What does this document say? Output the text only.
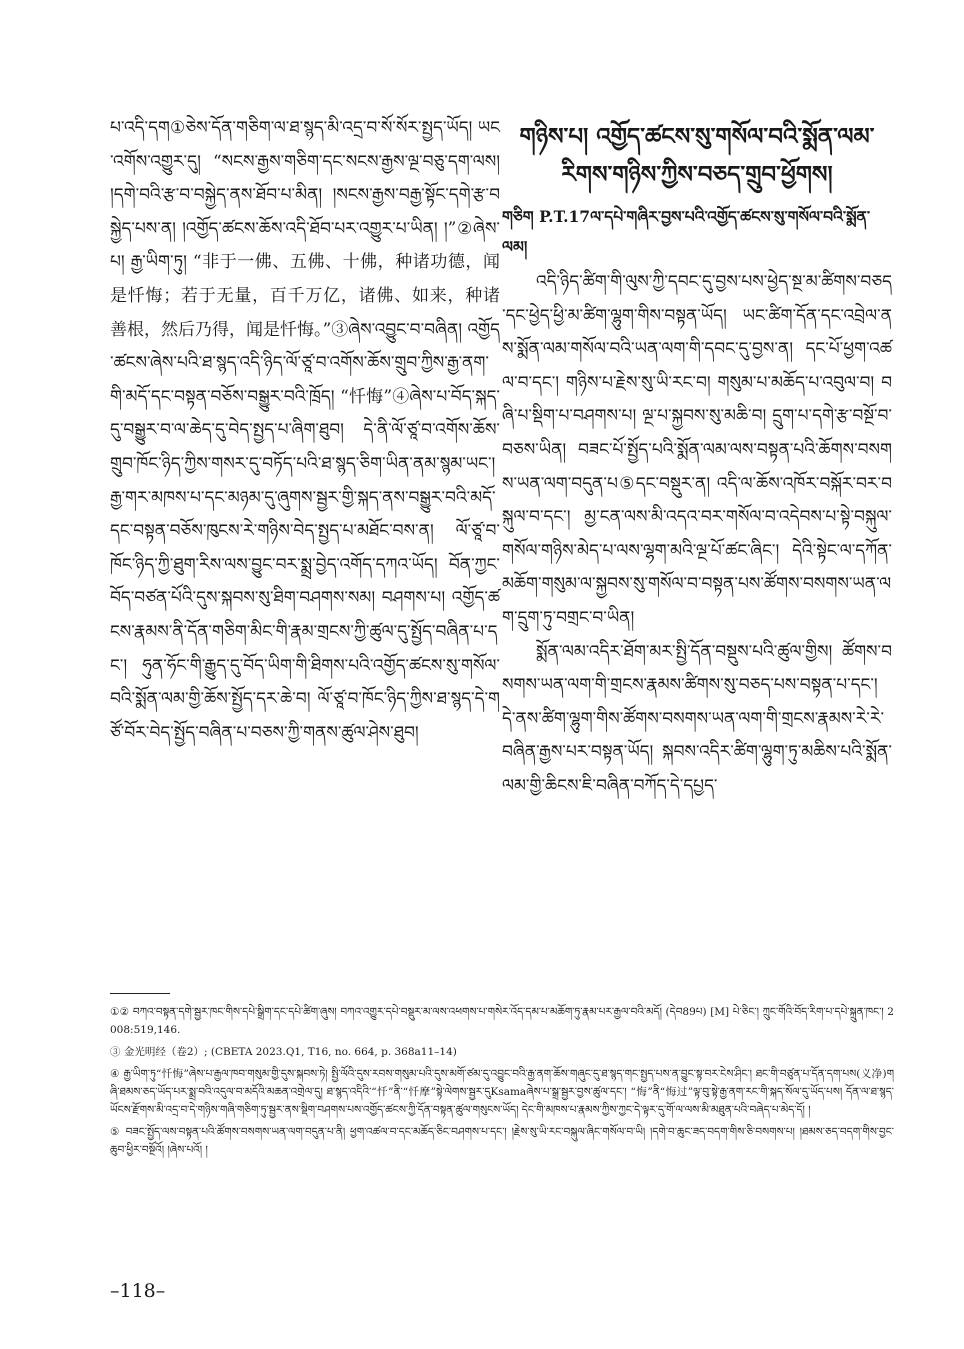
པ་འདི་དག①ཅེས་དོན་གཅིག་ལ་ཐ་སྙད་མི་འདྲ་བ་སོ་སོར་སྤྱད་ཡོད། ཡང་འགོས་འགྱུར་དུ། “སངས་རྒྱས་གཅིག་དང་སངས་རྒྱས་ལྔ་བཅུ་དག་ལས། །དགེ་བའི་རྩ་བ་བསྐྱེད་ནས་ཐོབ་པ་མིན། །སངས་རྒྱས་བརྒྱ་སྟོང་དགེ་རྩ་བསྐྱེད་པས་ན། །འགྱོད་ཚངས་ཆོས་འདི་ཐོབ་པར་འགྱུར་པ་ཡིན། །”②ཞེས་པ། རྒྱ་ཡིག་ཏུ། “非于一佛、五佛、十佛，种诸功德，闻是忏悔；若于无量，百千万亿，诸佛、如来，种诸善根，然后乃得，闻是忏悔。”③ཞེས་འབྱུང་བ་བཞིན། འགྱོད་ཚངས་ཞེས་པའི་ཐ་སྙད་འདི་ཉིད་ལོ་ཙཱ་བ་འགོས་ཆོས་གྲུབ་ཀྱིས་རྒྱ་ནག་གི་མདོ་དང་བསྟན་བཅོས་བསྒྱུར་བའི་ཁྲོད། “忏悔”④ཞེས་པ་བོད་སྐད་དུ་བསྒྱུར་བ་ལ་ཆེད་དུ་བེད་སྤྱད་པ་ཞིག་ཐུབ། དེ་ནི་ལོ་ཙཱ་བ་འགོས་ཆོས་གྲུབ་ཁོང་ཉིད་ཀྱིས་གསར་དུ་བཏོད་པའི་ཐ་སྙད་ཅིག་ཡིན་ནམ་སྙམ་ཡང་། རྒྱ་གར་མཁས་པ་དང་མཉམ་དུ་ཞུགས་སྦྱར་གྱི་སྐད་ནས་བསྒྱུར་བའི་མདོ་དང་བསྟན་བཅོས་ཁུངས་རེ་གཉིས་བེད་སྤྱད་པ་མཐོང་བས་ན། ལོ་ཙཱ་བ་ཁོང་ཉིད་ཀྱི་ཐུག་རིས་ལས་བྱུང་བར་སྨྲ་བྱེད་འགོད་དཀའ་ཡོད། བོན་ཀྱང་བོད་བཙན་པོའི་དུས་སྐབས་སུ་ཐིག་བཤགས་སམ། བཤགས་པ། འགྱོད་ཚངས་རྣམས་ནི་དོན་གཅིག་མིང་གི་རྣམ་གྲངས་ཀྱི་ཚུལ་དུ་སྤྱོད་བཞིན་པ་དང་། ཧུན་ཧོང་གི་རྒྱུད་དུ་བོད་ཡིག་གི་ཐིགས་པའི་འགྱོད་ཚངས་སུ་གསོལ་བའི་སྨོན་ལམ་གྱི་ཆོས་སྤྱོད་དར་ཆེ་བ། ལོ་ཙཱ་བ་ཁོང་ཉིད་ཀྱིས་ཐ་སྙད་དེ་གཙོ་བོར་བེད་སྤྱོད་བཞིན་པ་བཅས་ཀྱི་གནས་ཚུལ་ཤེས་ཐུབ།

གཉིས་པ། འགྱོད་ཚངས་སུ་གསོལ་བའི་སྨོན་ལམ་
རིགས་གཉིས་ཀྱིས་བཅད་གྲུབ་ཕྱོགས།
གཅིག P.T.17ལ་དཔེ་གཞིར་བྱས་པའི་འགྱོད་ཚངས་སུ་གསོལ་བའི་སྨོན་ལམ།

འདི་ཉིད་ཚིག་གི་ལུས་ཀྱི་དབང་དུ་བྱས་པས་ཕྱེད་སྔ་མ་ཚིགས་བཅད་དང་ཕྱེད་ཕྱི་མ་ཚིག་ལྷུག་གིས་བསྟན་ཡོད། ཡང་ཚིག་དོན་དང་འབྲེལ་ནས་སྨོན་ལམ་གསོལ་བའི་ཡན་ལག་གི་དབང་དུ་བྱས་ན། དང་པོ་ཕྱག་འཚལ་བ་དང་། གཉིས་པ་རྗེས་སུ་ཡི་རང་བ། གསུམ་པ་མཆོད་པ་འབུལ་བ། བཞི་པ་སྡིག་པ་བཤགས་པ། ལྔ་པ་སྐྱབས་སུ་མཆི་བ། དྲུག་པ་དགེ་རྩ་བསྔོ་བ་བཅས་ཡིན། བཟང་པོ་སྤྱོད་པའི་སྨོན་ལམ་ལས་བསྟན་པའི་ཆོགས་བསགས་ཡན་ལག་བདུན་པ⑤དང་བསྡུར་ན། འདི་ལ་ཆོས་འཁོར་བསྐོར་བར་བསྐུལ་བ་དང་། མྱ་ངན་ལས་མི་འདའ་བར་གསོལ་བ་འདེབས་པ་སྟེ་བསྐུལ་གསོལ་གཉིས་མེད་པ་ལས་ལྷག་མའི་ལྔ་པོ་ཚང་ཞིང་། དེའི་སྟེང་ལ་དཀོན་མཆོག་གསུམ་ལ་སྐྱབས་སུ་གསོལ་བ་བསྟན་པས་ཚོགས་བསགས་ཡན་ལག་དྲུག་ཏུ་བགྲང་བ་ཡིན།

སྨོན་ལམ་འདིར་ཐོག་མར་སྤྱི་དོན་བསྡུས་པའི་ཚུལ་གྱིས། ཚོགས་བསགས་ཡན་ལག་གི་གྲངས་རྣམས་ཚིགས་སུ་བཅད་པས་བསྟན་པ་དང་། དེ་ནས་ཚིག་ལྷུག་གིས་ཚོགས་བསགས་ཡན་ལག་གི་གྲངས་རྣམས་རེ་རེ་བཞིན་རྒྱས་པར་བསྟན་ཡོད། སྐབས་འདིར་ཚིག་ལྷུག་ཏུ་མཆིས་པའི་སྨོན་ལམ་གྱི་ཆིངས་ཇི་བཞིན་བཀོད་དེ་དཔྱད་

①② བཀའ་བསྟན་དགེ་སྦྱར་ཁང་གིས་དཔེ་སྒྲིག་དང་དཔེ་ཚིག་ཞུས། བཀའ་འགྱུར་དཔེ་བསྡུར་མ་ལས་འཕགས་པ་གསེར་འོད་དམ་པ་མཆོག་ཏུ་རྣམ་པར་རྒྱལ་བའི་མདོ། (དེབ89པ) [M] པེ་ཅིང་། ཀྲུང་གོའི་བོད་རིག་པ་དཔེ་སྐྲུན་ཁང་། 2008:519,146.

③ 金光明经（卷2）; (CBETA 2023.Q1, T16, no. 664, p. 368a11–14)

④ རྒྱ་ཡིག་ཏུ“忏悔”ཞེས་པ་རྒྱལ་ཁབ་གསུམ་གྱི་དུས་སྐབས་ཏེ། སྤྱི་ལོའི་དུས་རབས་གསུམ་པའི་དུས་མགོ་ཙམ་དུ་འབྱུང་བའི་རྒྱ་ནག་ཆོས་གཞུང་དུ་ཐ་སྙད་གང་སྤྱད་པས་ན་བྱུང་སྟ་བར་ངེས་ཤིང་། ཐང་གི་བཙུན་པ་དོན་དག་པས(义净)གཞི་ཐམས་ཅད་ཡོད་པར་སྨྲ་བའི་འདུལ་བ་མདོའི་མཆན་འགྲེལ་དུ། ཐ་སྙད་འདིའི་“忏”ནི་“忏摩”སྟེ་ལེགས་སྦྱར་དུKsamaཞེས་པ་སྒྲ་སྦྱར་བྱས་ཚུལ་དང་། “悔”ནི“悔过”ལྟ་བུ་སྟེ་རྒྱ་ནག་རང་གི་སྐད་སོལ་དུ་ཡོད་པས། དོན་ལ་ཐ་སྙད་ཡོངས་རྫོགས་མི་འདྲ་བ་དེ་གཉིས་གཞི་གཅིག་ཏུ་སྦྱར་ནས་སྡིག་བཤགས་པས་འགྱོད་ཚངས་ཀྱི་དོན་བསྟན་ཚུལ་གསུངས་ཡོད། དེང་གི་མཁས་པ་རྣམས་ཀྱིས་ཀྱང་དེ་ལྟར་དུ་གོ་ལ་ལས་མི་མཐུན་པའི་བཞེད་པ་མེད་དོ། །

⑤ བཟང་སྤྱོད་ལས་བསྟན་པའི་ཚོགས་བསགས་ཡན་ལག་བདུན་པ་ནི། ཕྱག་འཚལ་བ་དང་མཆོད་ཅིང་བཤགས་པ་དང་། །རྗེས་སུ་ཡི་རང་བསྐུལ་ཞིང་གསོལ་བ་ཡི། །དགེ་བ་ཆུང་ཟད་བདག་གིས་ཅི་བསགས་པ། །ཐམས་ཅད་བདག་གིས་བྱང་ཆུབ་ཕྱིར་བསྔོའོ། །ཞེས་པའོ། །

–118–
